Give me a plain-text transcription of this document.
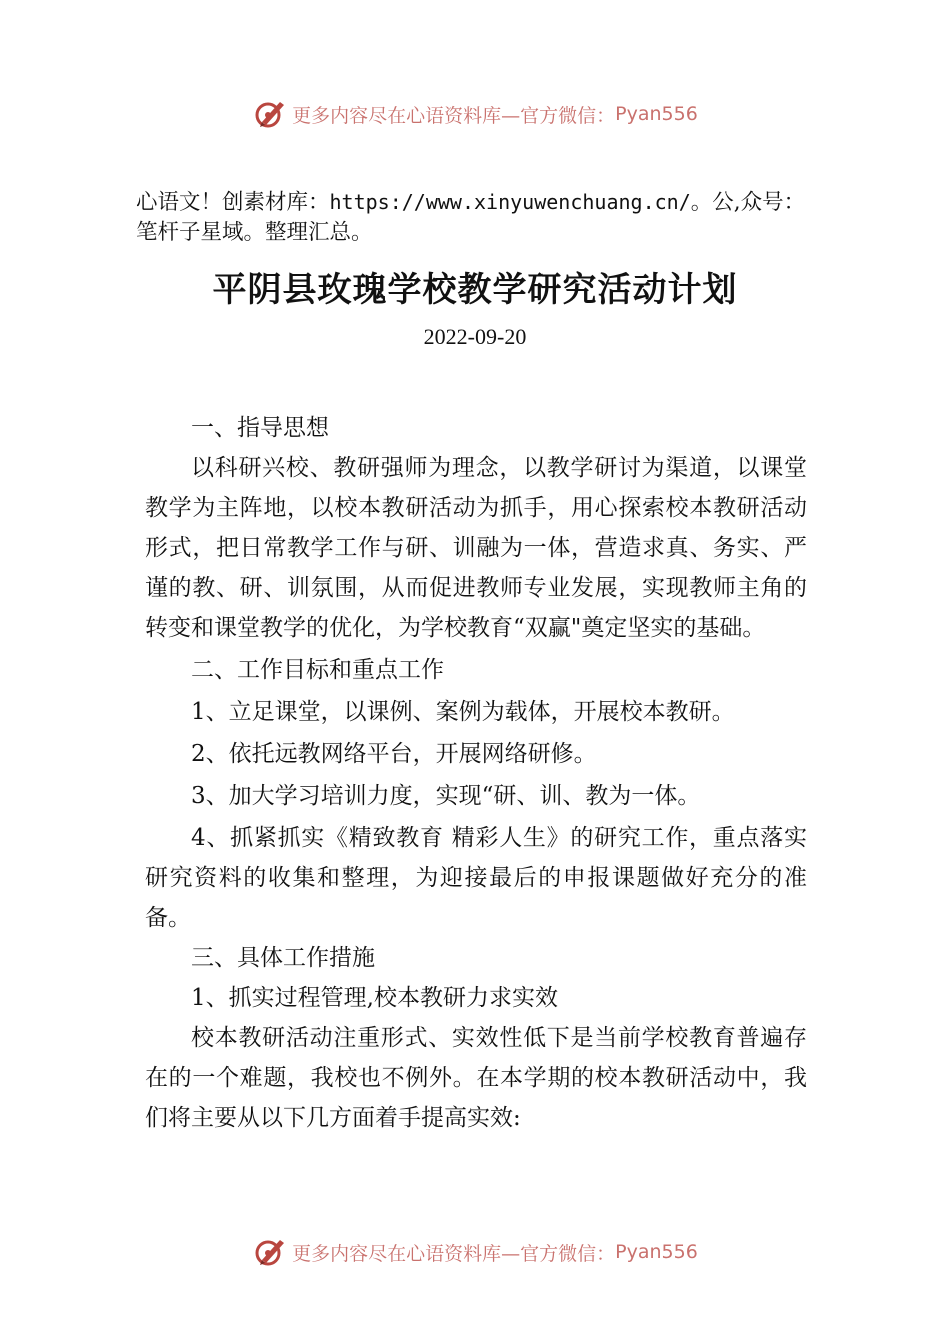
更多内容尽在心语资料库—官方微信： Pyan556
心语文！创素材库：https://www.xinyuwenchuang.cn/。公,众号：笔杆子星域。整理汇总。
平阴县玫瑰学校教学研究活动计划
2022-09-20

一、指导思想

以科研兴校、教研强师为理念，以教学研讨为渠道，以课堂教学为主阵地，以校本教研活动为抓手，用心探索校本教研活动形式，把日常教学工作与研、训融为一体，营造求真、务实、严谨的教、研、训氛围，从而促进教师专业发展，实现教师主角的转变和课堂教学的优化，为学校教育“双赢"奠定坚实的基础。

二、工作目标和重点工作

1、立足课堂，以课例、案例为载体，开展校本教研。

2、依托远教网络平台，开展网络研修。

3、加大学习培训力度，实现“研、训、教为一体。

4、抓紧抓实《精致教育 精彩人生》的研究工作，重点落实研究资料的收集和整理，为迎接最后的申报课题做好充分的准备。

三、具体工作措施

1、抓实过程管理,校本教研力求实效

校本教研活动注重形式、实效性低下是当前学校教育普遍存在的一个难题，我校也不例外。在本学期的校本教研活动中，我们将主要从以下几方面着手提高实效:

更多内容尽在心语资料库—官方微信： Pyan556
